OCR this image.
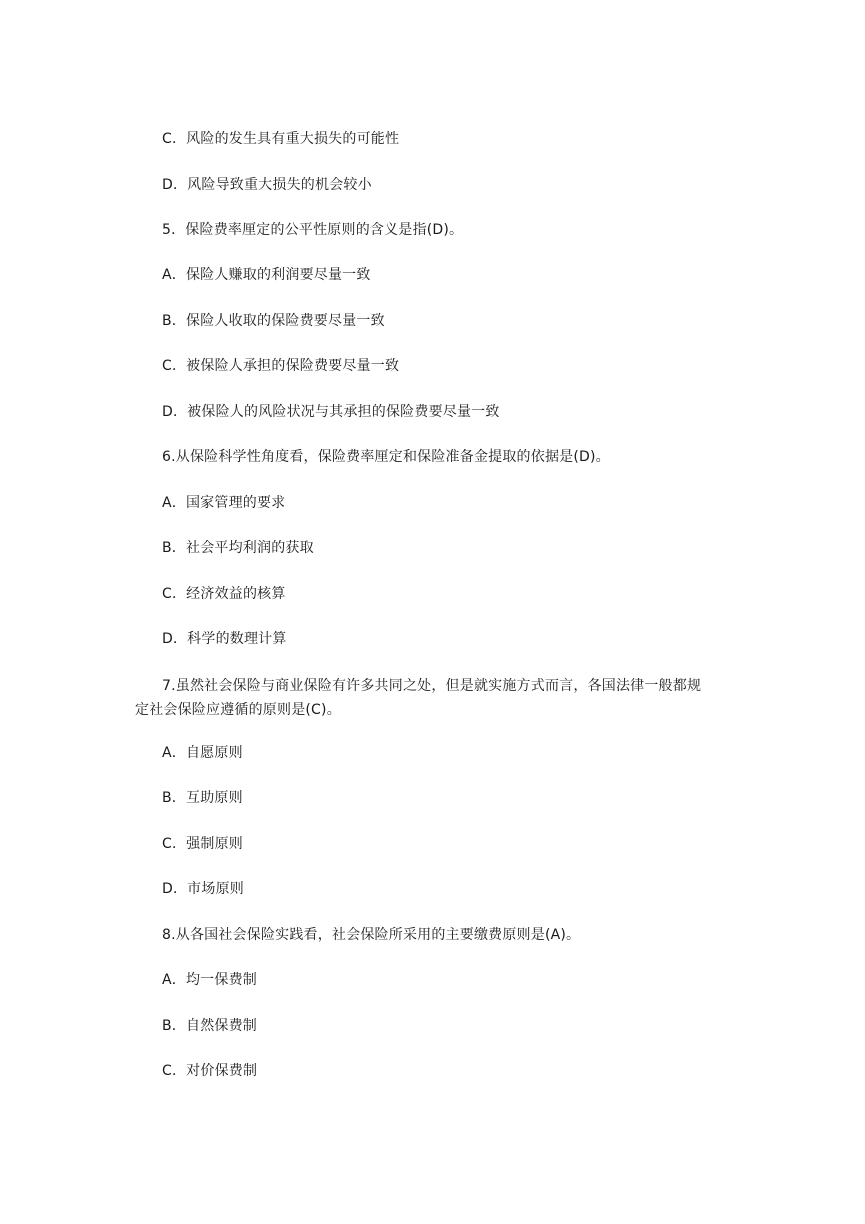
C．风险的发生具有重大损失的可能性
D．风险导致重大损失的机会较小
5．保险费率厘定的公平性原则的含义是指(D)。
A．保险人赚取的利润要尽量一致
B．保险人收取的保险费要尽量一致
C．被保险人承担的保险费要尽量一致
D．被保险人的风险状况与其承担的保险费要尽量一致
6.从保险科学性角度看，保险费率厘定和保险准备金提取的依据是(D)。
A．国家管理的要求
B．社会平均利润的获取
C．经济效益的核算
D．科学的数理计算
7.虽然社会保险与商业保险有许多共同之处，但是就实施方式而言，各国法律一般都规定社会保险应遵循的原则是(C)。
A．自愿原则
B．互助原则
C．强制原则
D．市场原则
8.从各国社会保险实践看，社会保险所采用的主要缴费原则是(A)。
A．均一保费制
B．自然保费制
C．对价保费制
